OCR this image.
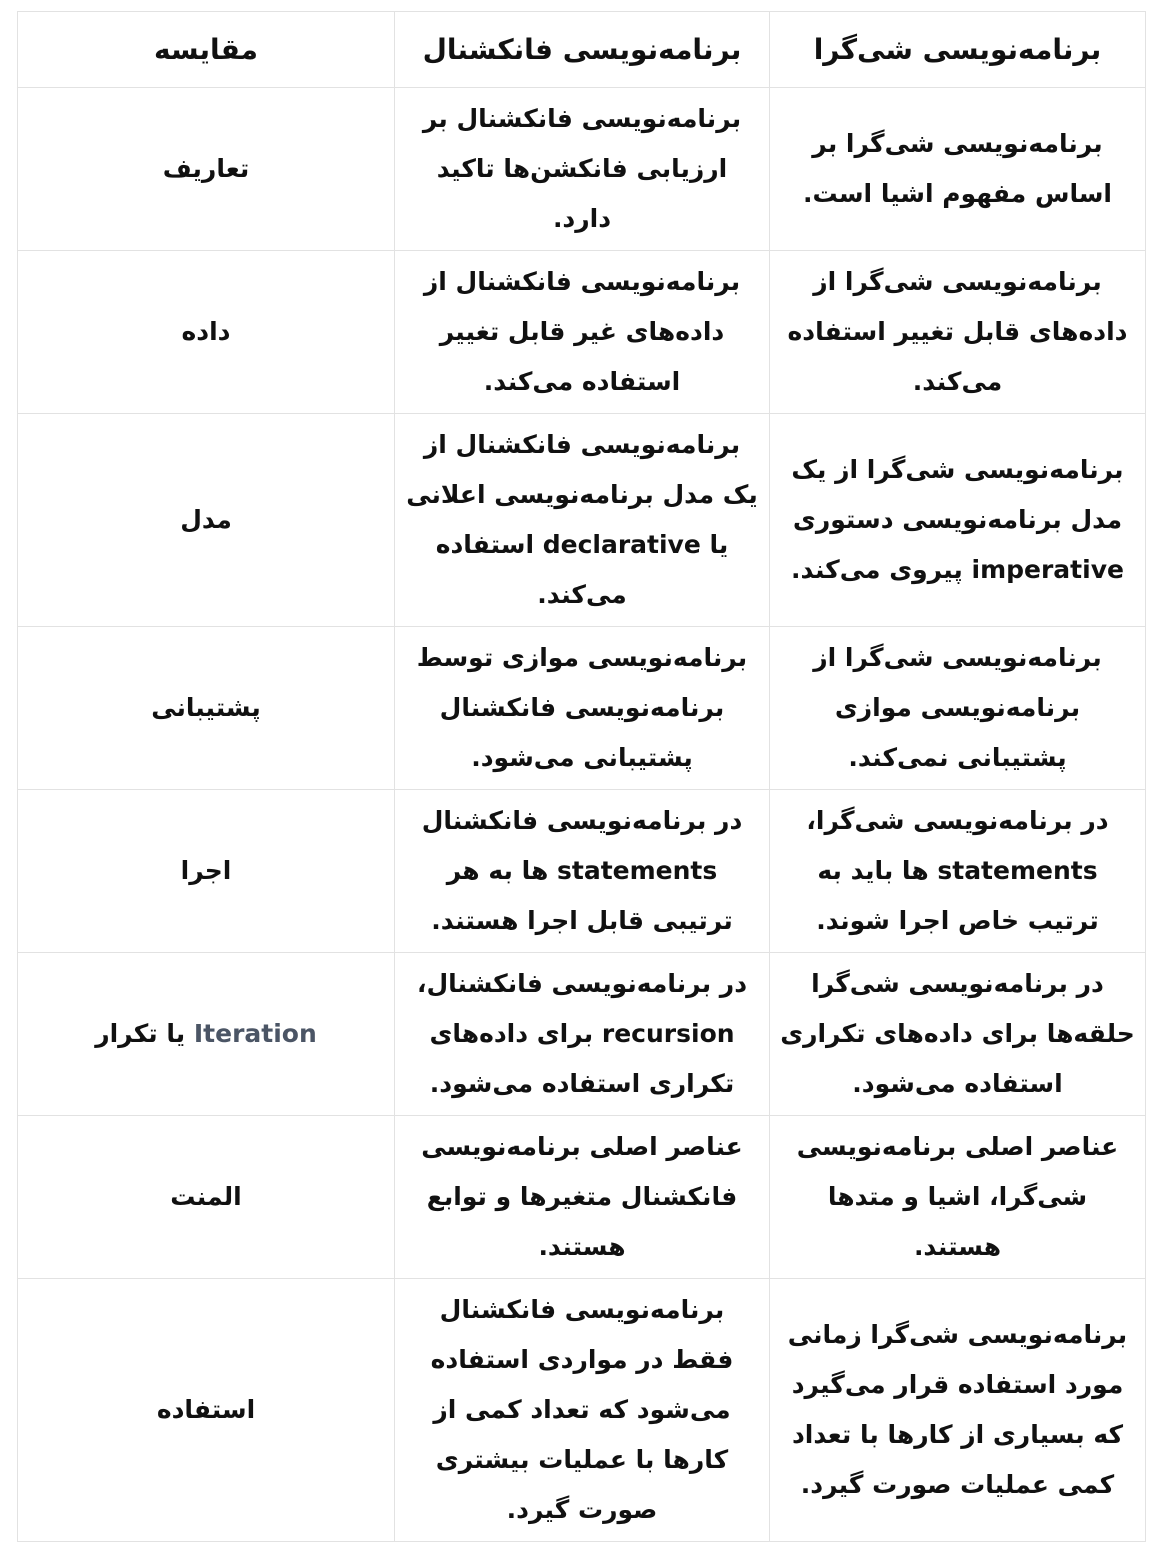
برنامه‌نویسی شی‌گرا	برنامه‌نویسی فانکشنال	مقایسه
برنامه‌نویسی شی‌گرا بر اساس مفهوم اشیا است.	برنامه‌نویسی فانکشنال بر ارزیابی فانکشن‌ها تاکید دارد.	تعاریف
برنامه‌نویسی شی‌گرا از داده‌های قابل تغییر استفاده می‌کند.	برنامه‌نویسی فانکشنال از داده‌های غیر قابل تغییر استفاده می‌کند.	داده
برنامه‌نویسی شی‌گرا از یک مدل برنامه‌نویسی دستوری imperative پیروی می‌کند.	برنامه‌نویسی فانکشنال از یک مدل برنامه‌نویسی اعلانی یا declarative استفاده می‌کند.	مدل
برنامه‌نویسی شی‌گرا از برنامه‌نویسی موازی پشتیبانی نمی‌کند.	برنامه‌نویسی موازی توسط برنامه‌نویسی فانکشنال پشتیبانی می‌شود.	پشتیبانی
در برنامه‌نویسی شی‌گرا، statements ها باید به ترتیب خاص اجرا شوند.	در برنامه‌نویسی فانکشنال statements ها به هر ترتیبی قابل اجرا هستند.	اجرا
در برنامه‌نویسی شی‌گرا حلقه‌ها برای داده‌های تکراری استفاده می‌شود.	در برنامه‌نویسی فانکشنال، recursion برای داده‌های تکراری استفاده می‌شود.	Iteration یا تکرار
عناصر اصلی برنامه‌نویسی شی‌گرا، اشیا و متدها هستند.	عناصر اصلی برنامه‌نویسی فانکشنال متغیرها و توابع هستند.	المنت
برنامه‌نویسی شی‌گرا زمانی مورد استفاده قرار می‌گیرد که بسیاری از کارها با تعداد کمی عملیات صورت گیرد.	برنامه‌نویسی فانکشنال فقط در مواردی استفاده می‌شود که تعداد کمی از کارها با عملیات بیشتری صورت گیرد.	استفاده
